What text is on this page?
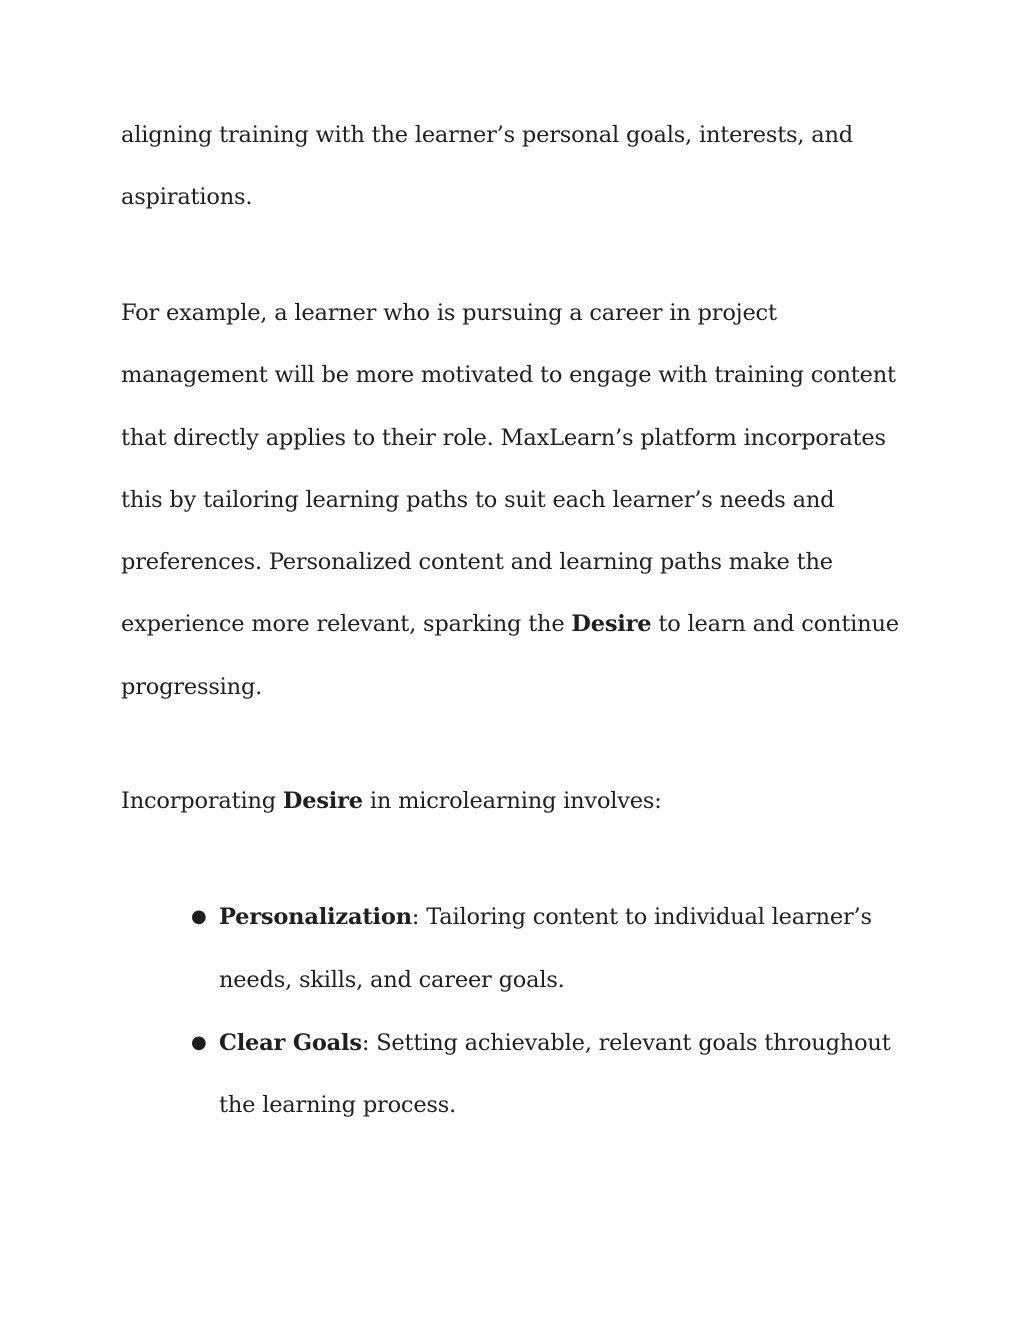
aligning training with the learner’s personal goals, interests, and aspirations.

For example, a learner who is pursuing a career in project management will be more motivated to engage with training content that directly applies to their role. MaxLearn’s platform incorporates this by tailoring learning paths to suit each learner’s needs and preferences. Personalized content and learning paths make the experience more relevant, sparking the Desire to learn and continue progressing.

Incorporating Desire in microlearning involves:

● Personalization: Tailoring content to individual learner’s needs, skills, and career goals.
● Clear Goals: Setting achievable, relevant goals throughout the learning process.
